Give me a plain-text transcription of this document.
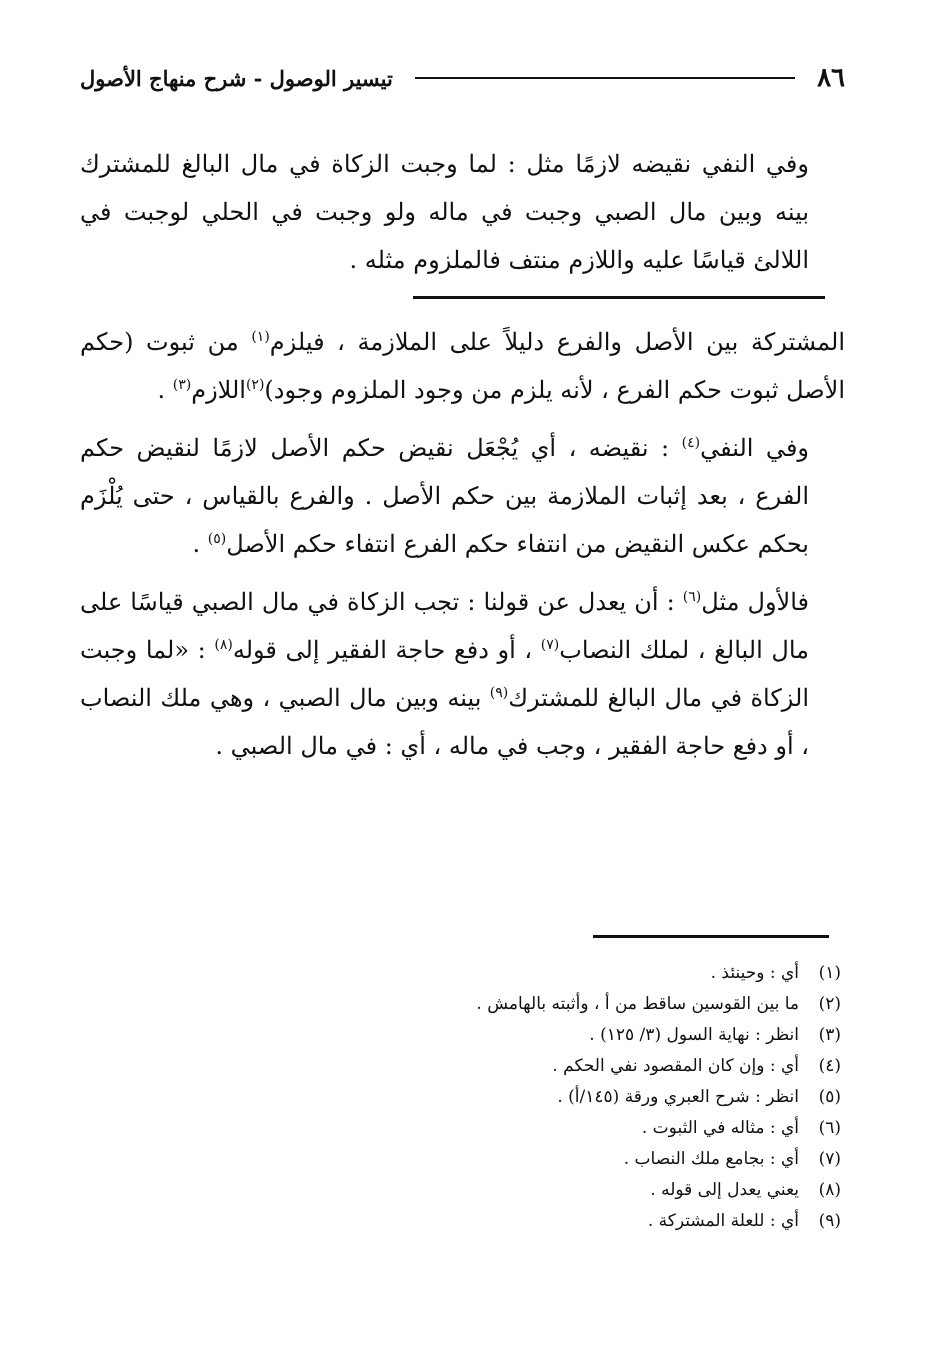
٨٦
تيسير الوصول - شرح منهاج الأصول

وفي النفي نقيضه لازمًا مثل : لما وجبت الزكاة في مال البالغ للمشترك بينه وبين مال الصبي وجبت في ماله ولو وجبت في الحلي لوجبت في اللالئ قياسًا عليه واللازم منتف فالملزوم مثله .

المشتركة بين الأصل والفرع دليلاً على الملازمة ، فيلزم$^{(١)}$ من ثبوت (حكم الأصل ثبوت حكم الفرع ، لأنه يلزم من وجود الملزوم وجود)$^{(٢)}$اللازم$^{(٣)}$ .

وفي النفي$^{(٤)}$ : نقيضه ، أي يُجْعَل نقيض حكم الأصل لازمًا لنقيض حكم الفرع ، بعد إثبات الملازمة بين حكم الأصل . والفرع بالقياس ، حتى يُلْزَم بحكم عكس النقيض من انتفاء حكم الفرع انتفاء حكم الأصل$^{(٥)}$ .

فالأول مثل$^{(٦)}$ : أن يعدل عن قولنا : تجب الزكاة في مال الصبي قياسًا على مال البالغ ، لملك النصاب$^{(٧)}$ ، أو دفع حاجة الفقير إلى قوله$^{(٨)}$ : «لما وجبت الزكاة في مال البالغ للمشترك$^{(٩)}$ بينه وبين مال الصبي ، وهي ملك النصاب ، أو دفع حاجة الفقير ، وجب في ماله ، أي : في مال الصبي .

(١)
أي : وحينئذ .
(٢)
ما بين القوسين ساقط من أ ، وأثبته بالهامش .
(٣)
انظر : نهاية السول (٣/ ١٢٥) .
(٤)
أي : وإن كان المقصود نفي الحكم .
(٥)
انظر : شرح العبري ورقة (١٤٥/أ) .
(٦)
أي : مثاله في الثبوت .
(٧)
أي : بجامع ملك النصاب .
(٨)
يعني يعدل إلى قوله .
(٩)
أي : للعلة المشتركة .
